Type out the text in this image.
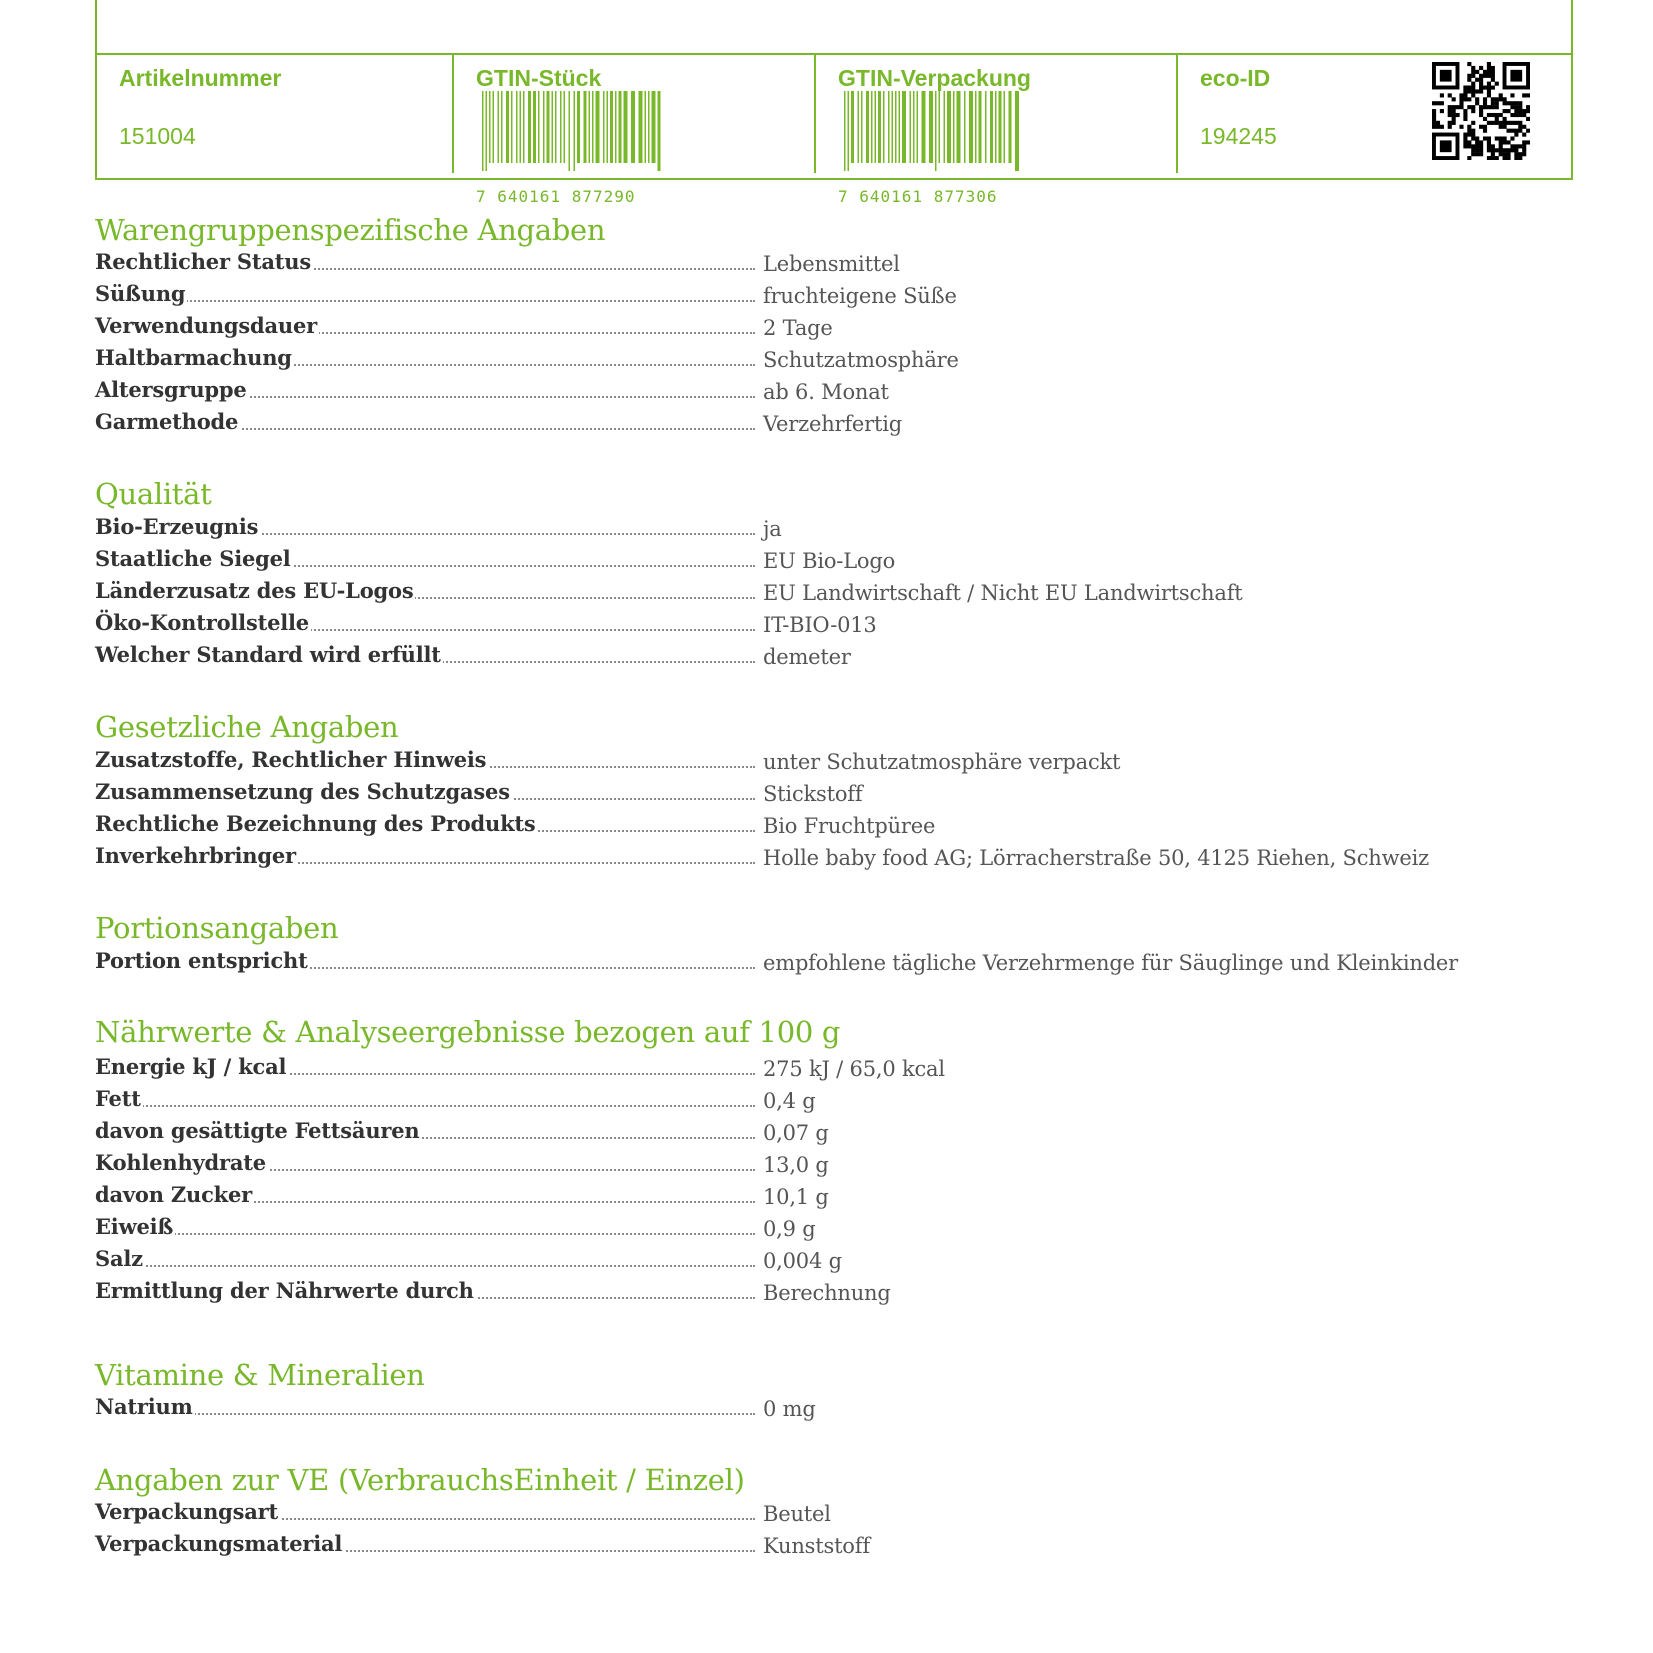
Artikelnummer
151004
GTIN-Stück
7 640161 877290
GTIN-Verpackung
7 640161 877306
eco-ID
194245
Warengruppenspezifische Angaben
Rechtlicher Status	Lebensmittel
Süßung	fruchteigene Süße
Verwendungsdauer	2 Tage
Haltbarmachung	Schutzatmosphäre
Altersgruppe	ab 6. Monat
Garmethode	Verzehrfertig
Qualität
Bio-Erzeugnis	ja
Staatliche Siegel	EU Bio-Logo
Länderzusatz des EU-Logos	EU Landwirtschaft / Nicht EU Landwirtschaft
Öko-Kontrollstelle	IT-BIO-013
Welcher Standard wird erfüllt	demeter
Gesetzliche Angaben
Zusatzstoffe, Rechtlicher Hinweis	unter Schutzatmosphäre verpackt
Zusammensetzung des Schutzgases	Stickstoff
Rechtliche Bezeichnung des Produkts	Bio Fruchtpüree
Inverkehrbringer	Holle baby food AG; Lörracherstraße 50, 4125 Riehen, Schweiz
Portionsangaben
Portion entspricht	empfohlene tägliche Verzehrmenge für Säuglinge und Kleinkinder
Nährwerte & Analyseergebnisse bezogen auf 100 g
Energie kJ / kcal	275 kJ / 65,0 kcal
Fett	0,4 g
davon gesättigte Fettsäuren	0,07 g
Kohlenhydrate	13,0 g
davon Zucker	10,1 g
Eiweiß	0,9 g
Salz	0,004 g
Ermittlung der Nährwerte durch	Berechnung
Vitamine & Mineralien
Natrium	0 mg
Angaben zur VE (VerbrauchsEinheit / Einzel)
Verpackungsart	Beutel
Verpackungsmaterial	Kunststoff
